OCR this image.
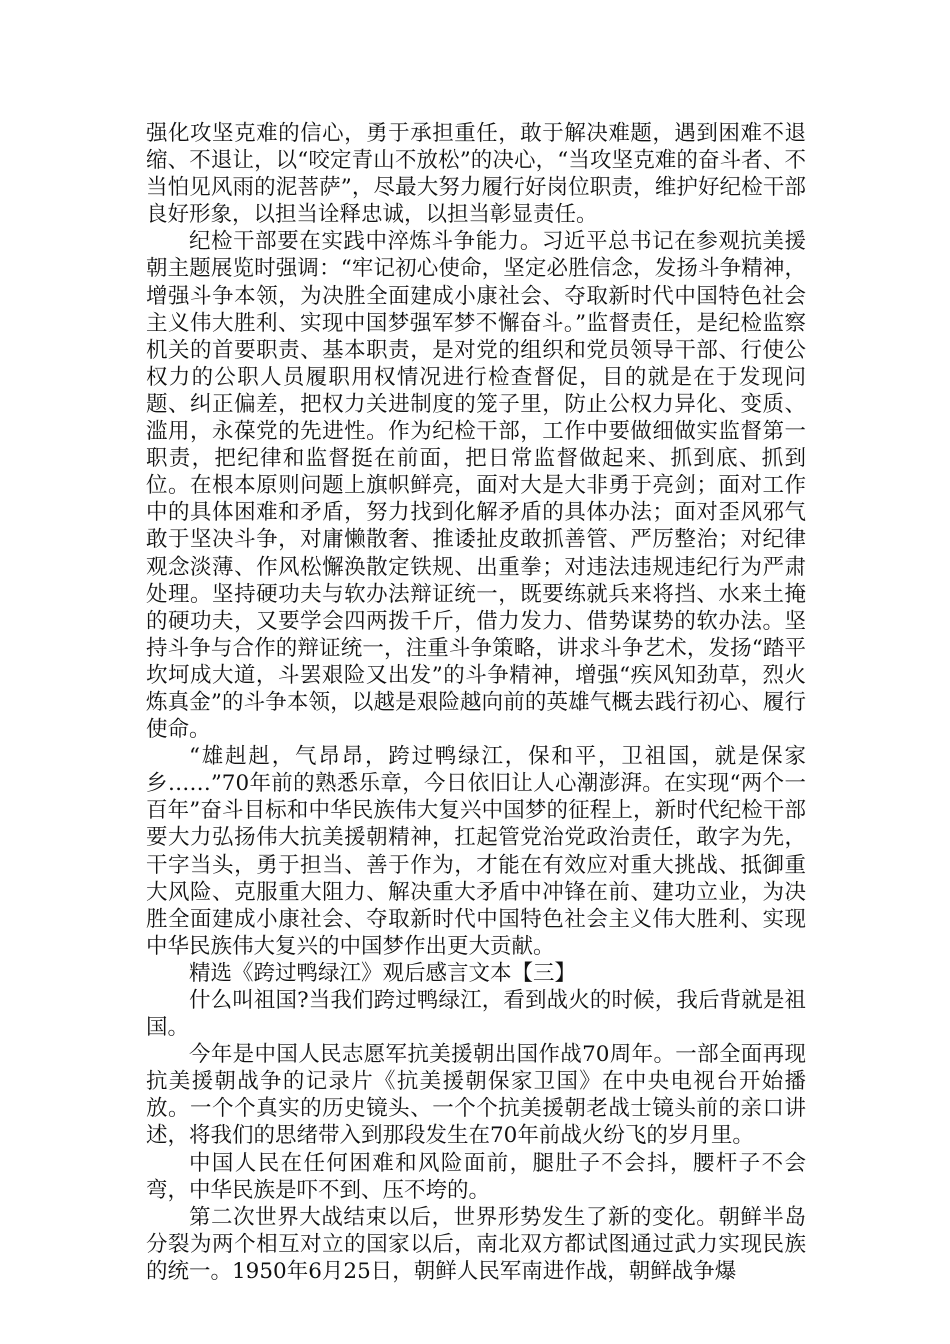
强化攻坚克难的信心，勇于承担重任，敢于解决难题，遇到困难不退缩、不退让，以“咬定青山不放松”的决心，“当攻坚克难的奋斗者、不当怕见风雨的泥菩萨”，尽最大努力履行好岗位职责，维护好纪检干部良好形象，以担当诠释忠诚，以担当彰显责任。

纪检干部要在实践中淬炼斗争能力。习近平总书记在参观抗美援朝主题展览时强调：“牢记初心使命，坚定必胜信念，发扬斗争精神，增强斗争本领，为决胜全面建成小康社会、夺取新时代中国特色社会主义伟大胜利、实现中国梦强军梦不懈奋斗。”监督责任，是纪检监察机关的首要职责、基本职责，是对党的组织和党员领导干部、行使公权力的公职人员履职用权情况进行检查督促，目的就是在于发现问题、纠正偏差，把权力关进制度的笼子里，防止公权力异化、变质、滥用，永葆党的先进性。作为纪检干部，工作中要做细做实监督第一职责，把纪律和监督挺在前面，把日常监督做起来、抓到底、抓到位。在根本原则问题上旗帜鲜亮，面对大是大非勇于亮剑；面对工作中的具体困难和矛盾，努力找到化解矛盾的具体办法；面对歪风邪气敢于坚决斗争，对庸懒散奢、推诿扯皮敢抓善管、严厉整治；对纪律观念淡薄、作风松懈涣散定铁规、出重拳；对违法违规违纪行为严肃处理。坚持硬功夫与软办法辩证统一，既要练就兵来将挡、水来土掩的硬功夫，又要学会四两拨千斤，借力发力、借势谋势的软办法。坚持斗争与合作的辩证统一，注重斗争策略，讲求斗争艺术，发扬“踏平坎坷成大道，斗罢艰险又出发”的斗争精神，增强“疾风知劲草，烈火炼真金”的斗争本领，以越是艰险越向前的英雄气概去践行初心、履行使命。

“雄赳赳，气昂昂，跨过鸭绿江，保和平，卫祖国，就是保家乡……”70年前的熟悉乐章，今日依旧让人心潮澎湃。在实现“两个一百年”奋斗目标和中华民族伟大复兴中国梦的征程上，新时代纪检干部要大力弘扬伟大抗美援朝精神，扛起管党治党政治责任，敢字为先，干字当头，勇于担当、善于作为，才能在有效应对重大挑战、抵御重大风险、克服重大阻力、解决重大矛盾中冲锋在前、建功立业，为决胜全面建成小康社会、夺取新时代中国特色社会主义伟大胜利、实现中华民族伟大复兴的中国梦作出更大贡献。

精选《跨过鸭绿江》观后感言文本【三】

什么叫祖国?当我们跨过鸭绿江，看到战火的时候，我后背就是祖国。

今年是中国人民志愿军抗美援朝出国作战70周年。一部全面再现抗美援朝战争的记录片《抗美援朝保家卫国》在中央电视台开始播放。一个个真实的历史镜头、一个个抗美援朝老战士镜头前的亲口讲述，将我们的思绪带入到那段发生在70年前战火纷飞的岁月里。

中国人民在任何困难和风险面前，腿肚子不会抖，腰杆子不会弯，中华民族是吓不到、压不垮的。

第二次世界大战结束以后，世界形势发生了新的变化。朝鲜半岛分裂为两个相互对立的国家以后，南北双方都试图通过武力实现民族的统一。1950年6月25日，朝鲜人民军南进作战，朝鲜战争爆
